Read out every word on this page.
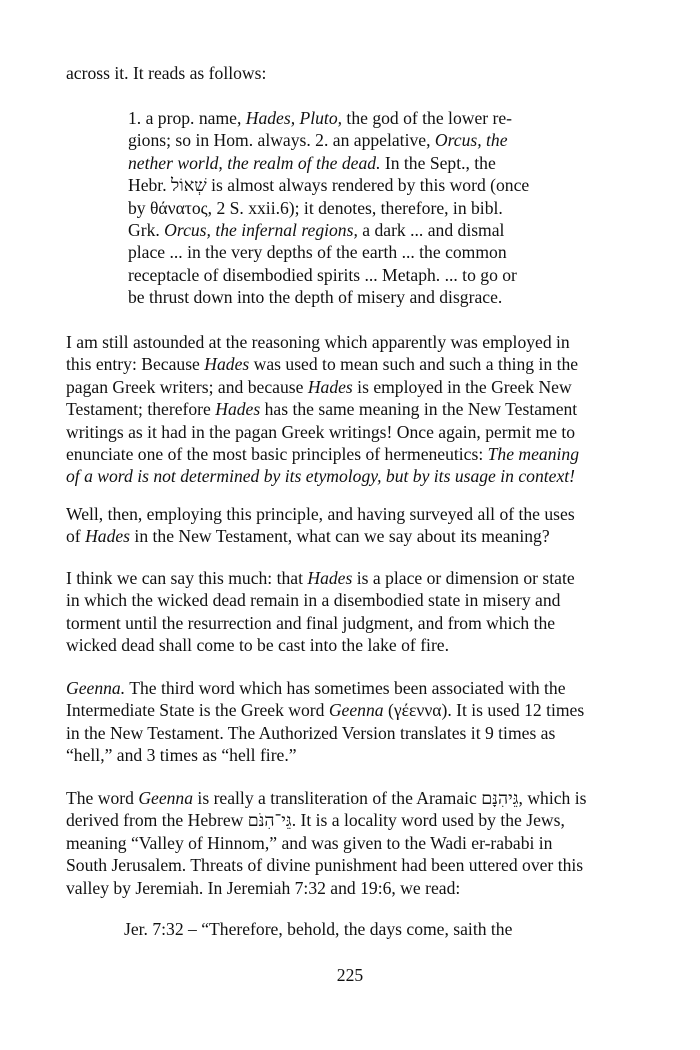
across it. It reads as follows:
1. a prop. name, Hades, Pluto, the god of the lower re-
gions; so in Hom. always. 2. an appelative, Orcus, the
nether world, the realm of the dead. In the Sept., the
Hebr. שְׁאוֹל is almost always rendered by this word (once
by θάνατος, 2 S. xxii.6); it denotes, therefore, in bibl.
Grk. Orcus, the infernal regions, a dark ... and dismal
place ... in the very depths of the earth ... the common
receptacle of disembodied spirits ... Metaph. ... to go or
be thrust down into the depth of misery and disgrace.
I am still astounded at the reasoning which apparently was employed in
this entry: Because Hades was used to mean such and such a thing in the
pagan Greek writers; and because Hades is employed in the Greek New
Testament; therefore Hades has the same meaning in the New Testament
writings as it had in the pagan Greek writings! Once again, permit me to
enunciate one of the most basic principles of hermeneutics: The meaning
of a word is not determined by its etymology, but by its usage in context!
Well, then, employing this principle, and having surveyed all of the uses
of Hades in the New Testament, what can we say about its meaning?
I think we can say this much: that Hades is a place or dimension or state
in which the wicked dead remain in a disembodied state in misery and
torment until the resurrection and final judgment, and from which the
wicked dead shall come to be cast into the lake of fire.
Geenna. The third word which has sometimes been associated with the
Intermediate State is the Greek word Geenna (γέεννα). It is used 12 times
in the New Testament. The Authorized Version translates it 9 times as
“hell,” and 3 times as “hell fire.”
The word Geenna is really a transliteration of the Aramaic גֵּיהִנָּם, which is
derived from the Hebrew גֵּי־הִנֹּם. It is a locality word used by the Jews,
meaning “Valley of Hinnom,” and was given to the Wadi er-rababi in
South Jerusalem. Threats of divine punishment had been uttered over this
valley by Jeremiah. In Jeremiah 7:32 and 19:6, we read:
Jer. 7:32 – “Therefore, behold, the days come, saith the
225
